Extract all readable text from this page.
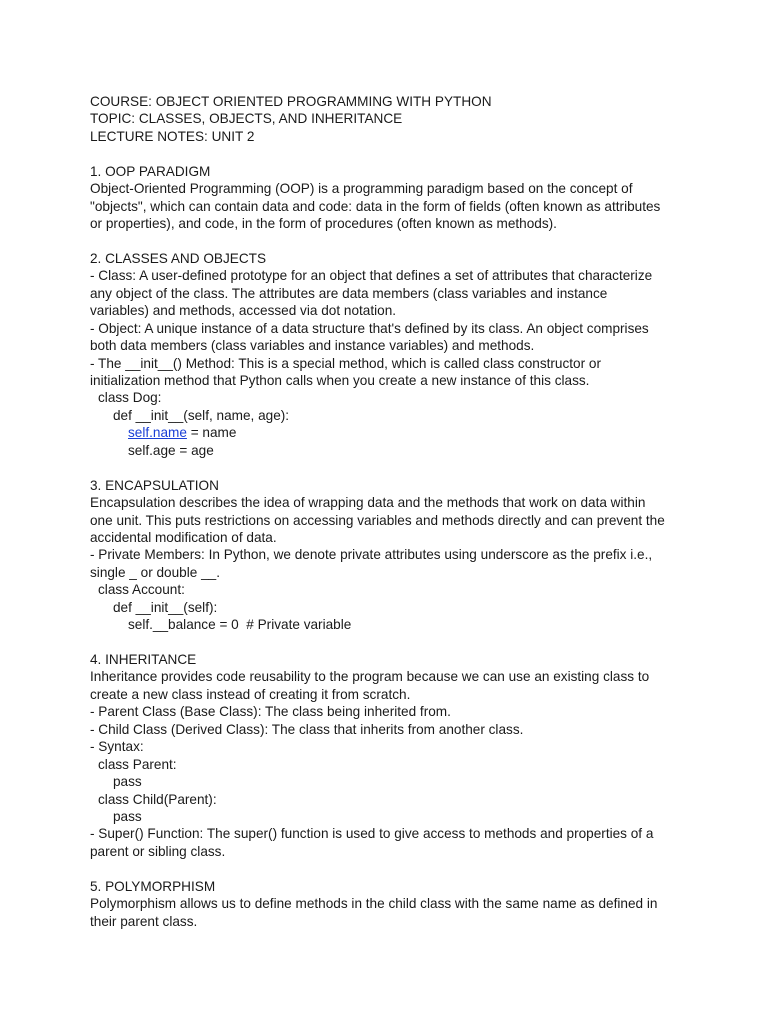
COURSE: OBJECT ORIENTED PROGRAMMING WITH PYTHON
TOPIC: CLASSES, OBJECTS, AND INHERITANCE
LECTURE NOTES: UNIT 2
1. OOP PARADIGM
Object-Oriented Programming (OOP) is a programming paradigm based on the concept of
"objects", which can contain data and code: data in the form of fields (often known as attributes
or properties), and code, in the form of procedures (often known as methods).
2. CLASSES AND OBJECTS
- Class: A user-defined prototype for an object that defines a set of attributes that characterize
any object of the class. The attributes are data members (class variables and instance
variables) and methods, accessed via dot notation.
- Object: A unique instance of a data structure that's defined by its class. An object comprises
both data members (class variables and instance variables) and methods.
- The __init__() Method: This is a special method, which is called class constructor or
initialization method that Python calls when you create a new instance of this class.
class Dog:
def __init__(self, name, age):
self.name = name
self.age = age
3. ENCAPSULATION
Encapsulation describes the idea of wrapping data and the methods that work on data within
one unit. This puts restrictions on accessing variables and methods directly and can prevent the
accidental modification of data.
- Private Members: In Python, we denote private attributes using underscore as the prefix i.e.,
single _ or double __.
class Account:
def __init__(self):
self.__balance = 0  # Private variable
4. INHERITANCE
Inheritance provides code reusability to the program because we can use an existing class to
create a new class instead of creating it from scratch.
- Parent Class (Base Class): The class being inherited from.
- Child Class (Derived Class): The class that inherits from another class.
- Syntax:
class Parent:
pass
class Child(Parent):
pass
- Super() Function: The super() function is used to give access to methods and properties of a
parent or sibling class.
5. POLYMORPHISM
Polymorphism allows us to define methods in the child class with the same name as defined in
their parent class.
